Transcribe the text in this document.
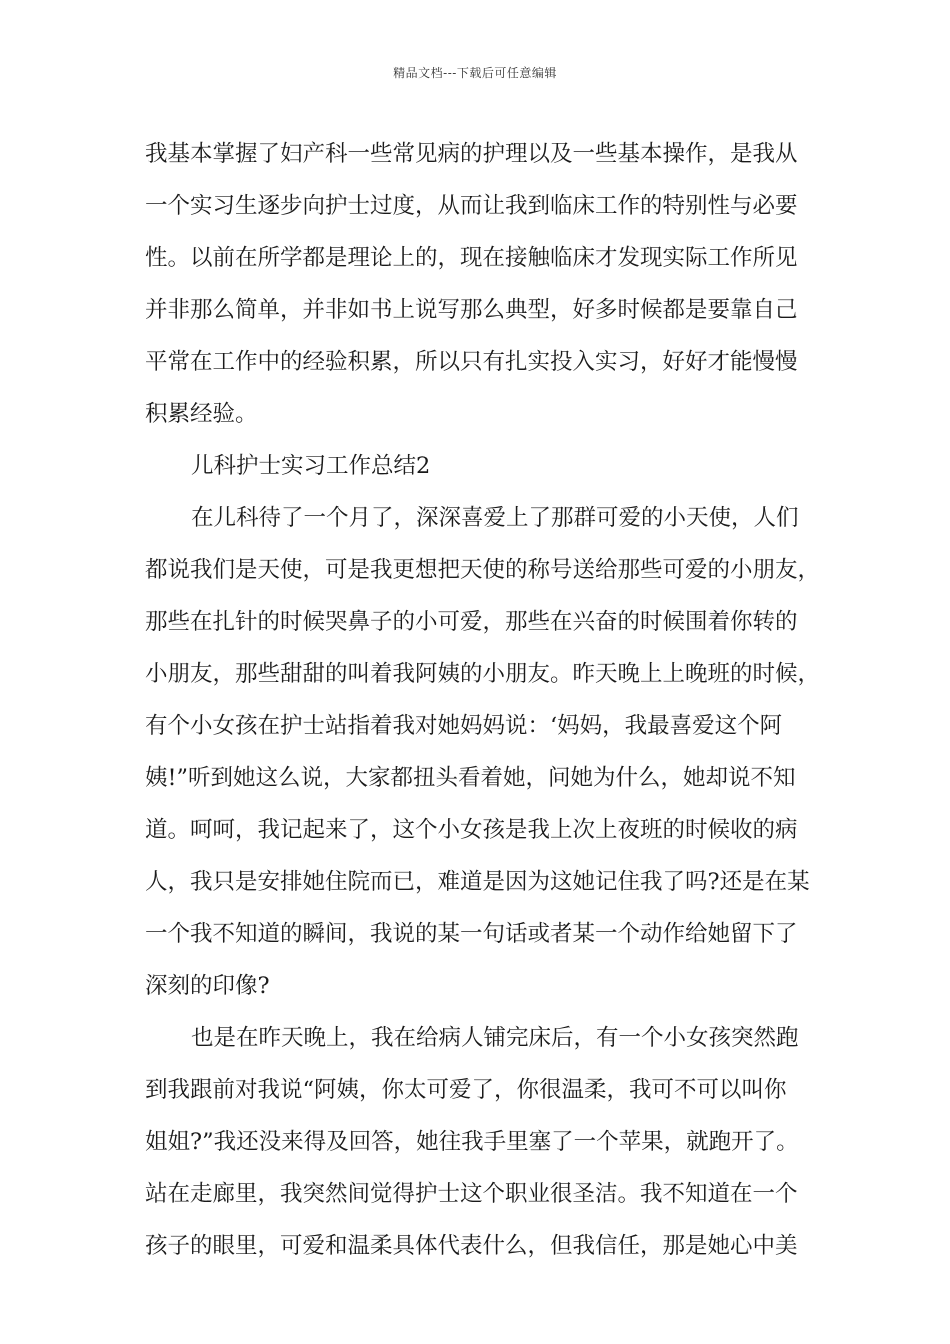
精品文档---下载后可任意编辑
我基本掌握了妇产科一些常见病的护理以及一些基本操作，是我从
一个实习生逐步向护士过度，从而让我到临床工作的特别性与必要
性。以前在所学都是理论上的，现在接触临床才发现实际工作所见
并非那么简单，并非如书上说写那么典型，好多时候都是要靠自己
平常在工作中的经验积累，所以只有扎实投入实习，好好才能慢慢
积累经验。
儿科护士实习工作总结2
在儿科待了一个月了，深深喜爱上了那群可爱的小天使，人们
都说我们是天使，可是我更想把天使的称号送给那些可爱的小朋友，
那些在扎针的时候哭鼻子的小可爱，那些在兴奋的时候围着你转的
小朋友，那些甜甜的叫着我阿姨的小朋友。昨天晚上上晚班的时候，
有个小女孩在护士站指着我对她妈妈说：‘妈妈，我最喜爱这个阿
姨!”听到她这么说，大家都扭头看着她，问她为什么，她却说不知
道。呵呵，我记起来了，这个小女孩是我上次上夜班的时候收的病
人，我只是安排她住院而已，难道是因为这她记住我了吗?还是在某
一个我不知道的瞬间，我说的某一句话或者某一个动作给她留下了
深刻的印像?
也是在昨天晚上，我在给病人铺完床后，有一个小女孩突然跑
到我跟前对我说“阿姨，你太可爱了，你很温柔，我可不可以叫你
姐姐?”我还没来得及回答，她往我手里塞了一个苹果，就跑开了。
站在走廊里，我突然间觉得护士这个职业很圣洁。我不知道在一个
孩子的眼里，可爱和温柔具体代表什么，但我信任，那是她心中美
